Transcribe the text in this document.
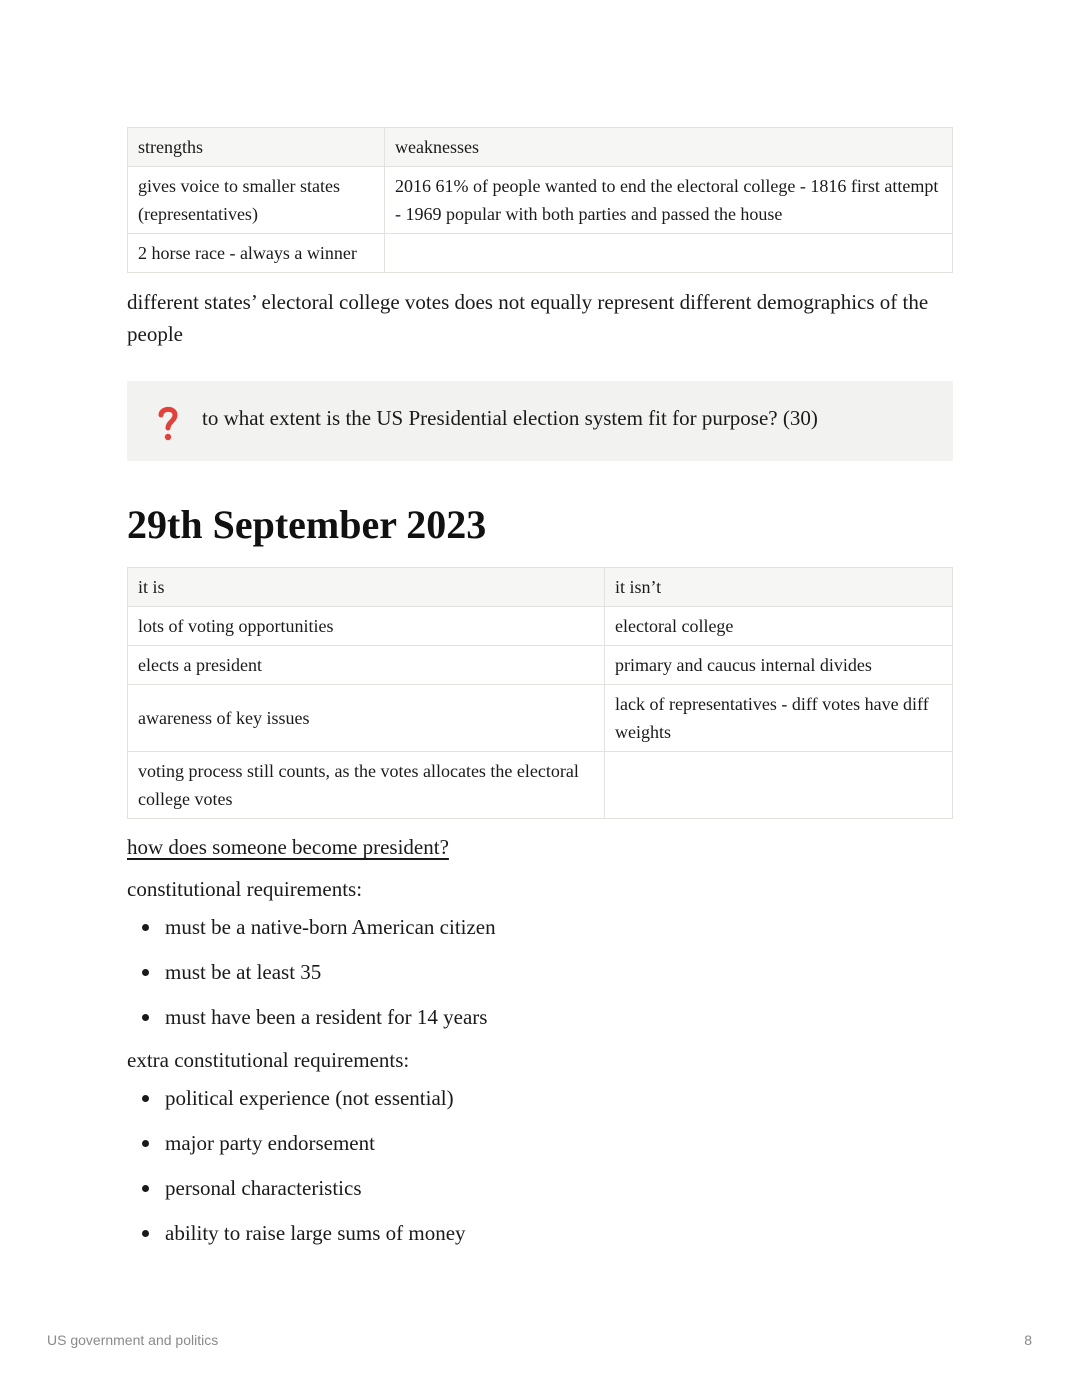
strengths	weaknesses
gives voice to smaller states (representatives)	2016 61% of people wanted to end the electoral college - 1816 first attempt - 1969 popular with both parties and passed the house
2 horse race - always a winner	

different states’ electoral college votes does not equally represent different demographics of the people

to what extent is the US Presidential election system fit for purpose? (30)
29th September 2023
it is	it isn’t
lots of voting opportunities	electoral college
elects a president	primary and caucus internal divides
awareness of key issues	lack of representatives - diff votes have diff weights
voting process still counts, as the votes allocates the electoral college votes	
how does someone become president?

constitutional requirements:

must be a native-born American citizen
must be at least 35
must have been a resident for 14 years

extra constitutional requirements:

political experience (not essential)
major party endorsement
personal characteristics
ability to raise large sums of money
US government and politics	8
